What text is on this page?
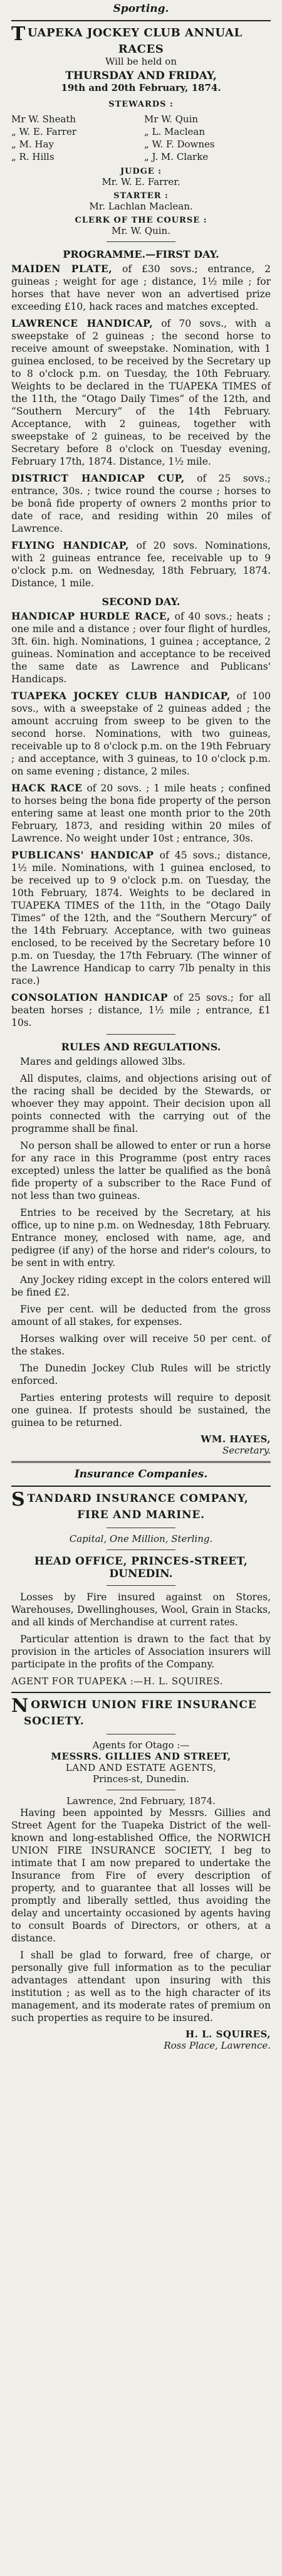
Sporting.
T UAPEKA JOCKEY CLUB ANNUAL

RACES
Will be held on
THURSDAY AND FRIDAY,
19th and 20th February, 1874.
STEWARDS :
Mr W. Sheath	Mr W. Quin
„ W. E. Farrer	„ L. Maclean
„ M. Hay	„ W. F. Downes
„ R. Hills	„ J. M. Clarke
JUDGE :
Mr. W. E. Farrer.
STARTER :
Mr. Lachlan Maclean.
CLERK OF THE COURSE :
Mr. W. Quin.
PROGRAMME.—FIRST DAY.

MAIDEN PLATE, of £30 sovs.; entrance, 2 guineas ; weight for age ; distance, 1½ mile ; for horses that have never won an advertised prize exceeding £10, hack races and matches excepted.

LAWRENCE HANDICAP, of 70 sovs., with a sweepstake of 2 guineas ; the second horse to receive amount of sweepstake. Nomination, with 1 guinea enclosed, to be received by the Secretary up to 8 o'clock p.m. on Tuesday, the 10th February. Weights to be declared in the TUAPEKA TIMES of the 11th, the “Otago Daily Times” of the 12th, and “Southern Mercury” of the 14th February. Acceptance, with 2 guineas, together with sweepstake of 2 guineas, to be received by the Secretary before 8 o'clock on Tuesday evening, February 17th, 1874. Distance, 1½ mile.

DISTRICT HANDICAP CUP, of 25 sovs.; entrance, 30s. ; twice round the course ; horses to be bonâ fide property of owners 2 months prior to date of race, and residing within 20 miles of Lawrence.

FLYING HANDICAP, of 20 sovs. Nominations, with 2 guineas entrance fee, receivable up to 9 o'clock p.m. on Wednesday, 18th February, 1874. Distance, 1 mile.

SECOND DAY.

HANDICAP HURDLE RACE, of 40 sovs.; heats ; one mile and a distance ; over four flight of hurdles, 3ft. 6in. high. Nominations, 1 guinea ; acceptance, 2 guineas. Nomination and acceptance to be received the same date as Lawrence and Publicans' Handicaps.

TUAPEKA JOCKEY CLUB HANDICAP, of 100 sovs., with a sweepstake of 2 guineas added ; the amount accruing from sweep to be given to the second horse. Nominations, with two guineas, receivable up to 8 o'clock p.m. on the 19th February ; and acceptance, with 3 guineas, to 10 o'clock p.m. on same evening ; distance, 2 miles.

HACK RACE of 20 sovs. ; 1 mile heats ; confined to horses being the bona fide property of the person entering same at least one month prior to the 20th February, 1873, and residing within 20 miles of Lawrence. No weight under 10st ; entrance, 30s.

PUBLICANS' HANDICAP of 45 sovs.; distance, 1½ mile. Nominations, with 1 guinea enclosed, to be received up to 9 o'clock p.m. on Tuesday, the 10th February, 1874. Weights to be declared in TUAPEKA TIMES of the 11th, in the “Otago Daily Times” of the 12th, and the “Southern Mercury” of the 14th February. Acceptance, with two guineas enclosed, to be received by the Secretary before 10 p.m. on Tuesday, the 17th February. (The winner of the Lawrence Handicap to carry 7lb penalty in this race.)

CONSOLATION HANDICAP of 25 sovs.; for all beaten horses ; distance, 1½ mile ; entrance, £1 10s.

RULES AND REGULATIONS.

Mares and geldings allowed 3lbs.

All disputes, claims, and objections arising out of the racing shall be decided by the Stewards, or whoever they may appoint. Their decision upon all points connected with the carrying out of the programme shall be final.

No person shall be allowed to enter or run a horse for any race in this Programme (post entry races excepted) unless the latter be qualified as the bonâ fide property of a subscriber to the Race Fund of not less than two guineas.

Entries to be received by the Secretary, at his office, up to nine p.m. on Wednesday, 18th February. Entrance money, enclosed with name, age, and pedigree (if any) of the horse and rider's colours, to be sent in with entry.

Any Jockey riding except in the colors entered will be fined £2.

Five per cent. will be deducted from the gross amount of all stakes, for expenses.

Horses walking over will receive 50 per cent. of the stakes.

The Dunedin Jockey Club Rules will be strictly enforced.

Parties entering protests will require to deposit one guinea. If protests should be sustained, the guinea to be returned.

WM. HAYES,
Secretary.
Insurance Companies.
S TANDARD INSURANCE COMPANY,
FIRE AND MARINE.
Capital, One Million, Sterling.
HEAD OFFICE, PRINCES-STREET,
DUNEDIN.

Losses by Fire insured against on Stores, Warehouses, Dwellinghouses, Wool, Grain in Stacks, and all kinds of Merchandise at current rates.

Particular attention is drawn to the fact that by provision in the articles of Association insurers will participate in the profits of the Company.

AGENT FOR TUAPEKA :—H. L. SQUIRES.
N ORWICH UNION FIRE INSURANCE
SOCIETY.
Agents for Otago :—
MESSRS. GILLIES AND STREET,
LAND AND ESTATE AGENTS,
Princes-st, Dunedin.
Lawrence, 2nd February, 1874.

Having been appointed by Messrs. Gillies and Street Agent for the Tuapeka District of the well-known and long-established Office, the NORWICH UNION FIRE INSURANCE SOCIETY, I beg to intimate that I am now prepared to undertake the Insurance from Fire of every description of property, and to guarantee that all losses will be promptly and liberally settled, thus avoiding the delay and uncertainty occasioned by agents having to consult Boards of Directors, or others, at a distance.

I shall be glad to forward, free of charge, or personally give full information as to the peculiar advantages attendant upon insuring with this institution ; as well as to the high character of its management, and its moderate rates of premium on such properties as require to be insured.

H. L. SQUIRES,
Ross Place, Lawrence.
